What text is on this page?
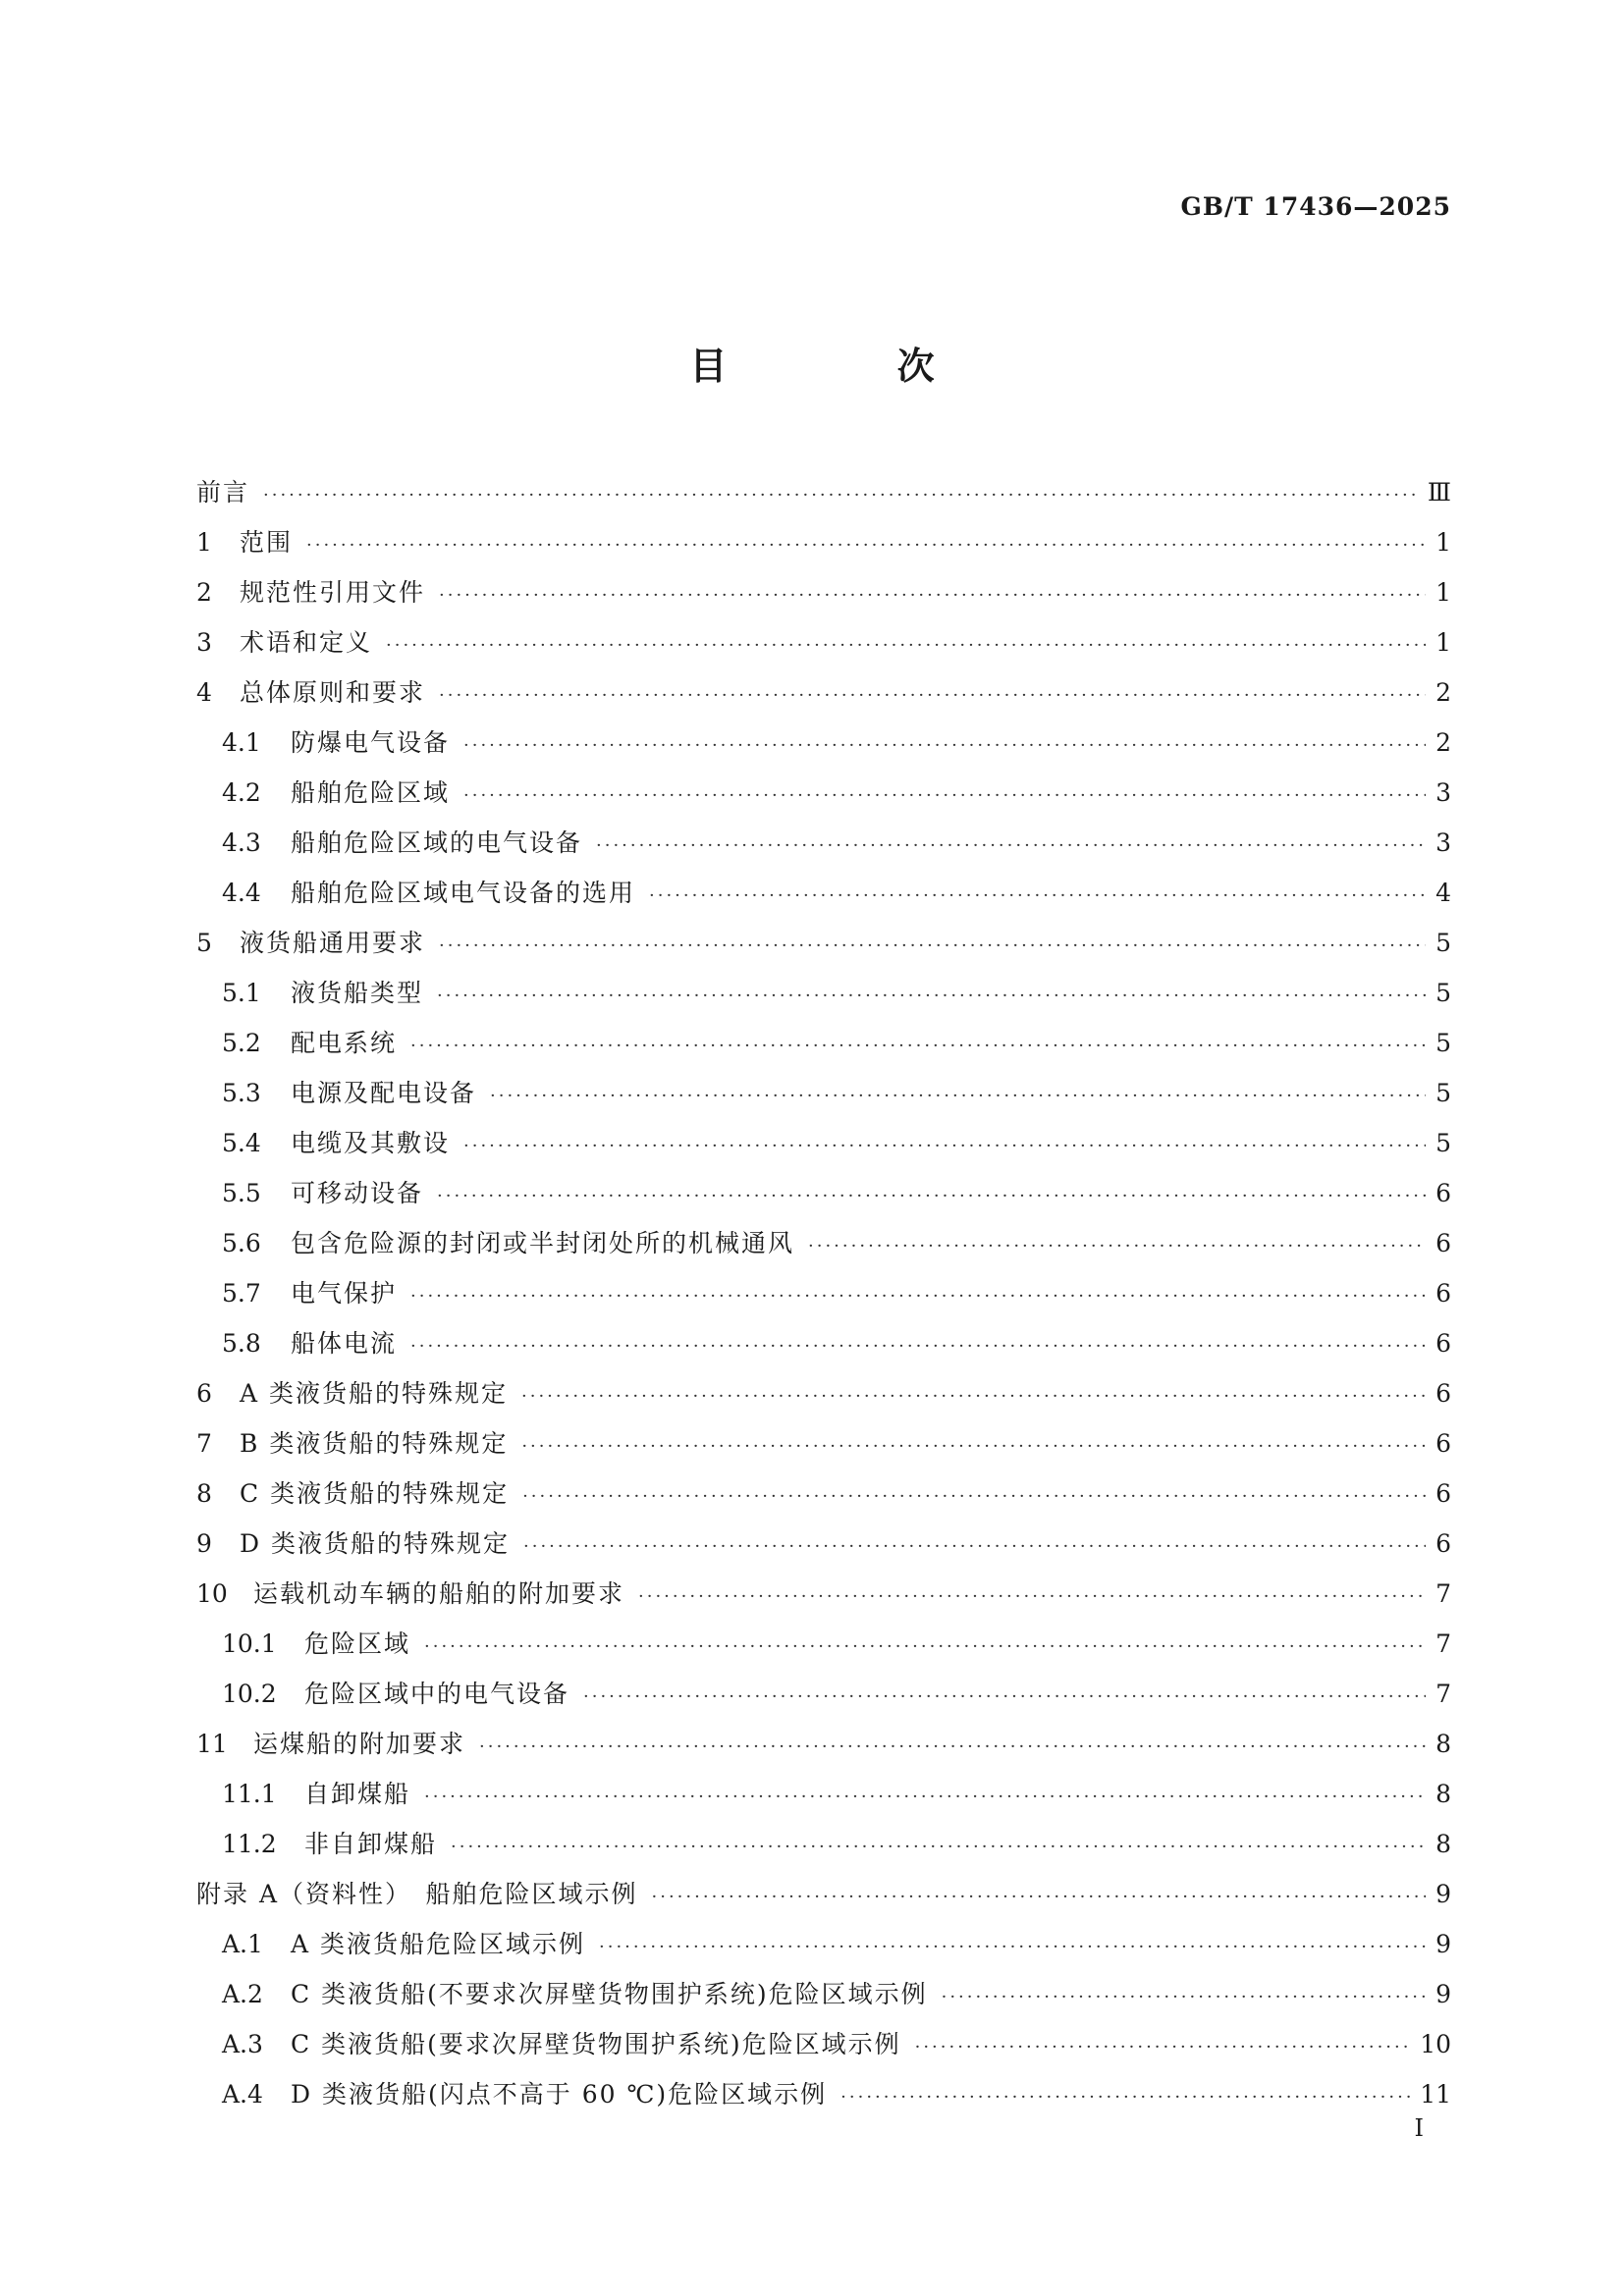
GB/T 17436—2025
目 次
前言 ·····	Ⅲ
1	范围 ·····	1
2	规范性引用文件 ·····	1
3	术语和定义 ·····	1
4	总体原则和要求 ·····	2
4.1	防爆电气设备 ·····	2
4.2	船舶危险区域 ·····	3
4.3	船舶危险区域的电气设备 ·····	3
4.4	船舶危险区域电气设备的选用 ·····	4
5	液货船通用要求 ·····	5
5.1	液货船类型 ·····	5
5.2	配电系统 ·····	5
5.3	电源及配电设备 ·····	5
5.4	电缆及其敷设 ·····	5
5.5	可移动设备 ·····	6
5.6	包含危险源的封闭或半封闭处所的机械通风 ·····	6
5.7	电气保护 ·····	6
5.8	船体电流 ·····	6
6	A 类液货船的特殊规定 ·····	6
7	B 类液货船的特殊规定 ·····	6
8	C 类液货船的特殊规定 ·····	6
9	D 类液货船的特殊规定 ·····	6
10	运载机动车辆的船舶的附加要求 ·····	7
10.1	危险区域 ·····	7
10.2	危险区域中的电气设备 ·····	7
11	运煤船的附加要求 ·····	8
11.1	自卸煤船 ·····	8
11.2	非自卸煤船 ·····	8
附录 A（资料性）　船舶危险区域示例 ·····	9
A.1	A 类液货船危险区域示例 ·····	9
A.2	C 类液货船(不要求次屏壁货物围护系统)危险区域示例 ·····	9
A.3	C 类液货船(要求次屏壁货物围护系统)危险区域示例 ·····	10
A.4	D 类液货船(闪点不高于 60 ℃)危险区域示例 ·····	11
Ⅰ
